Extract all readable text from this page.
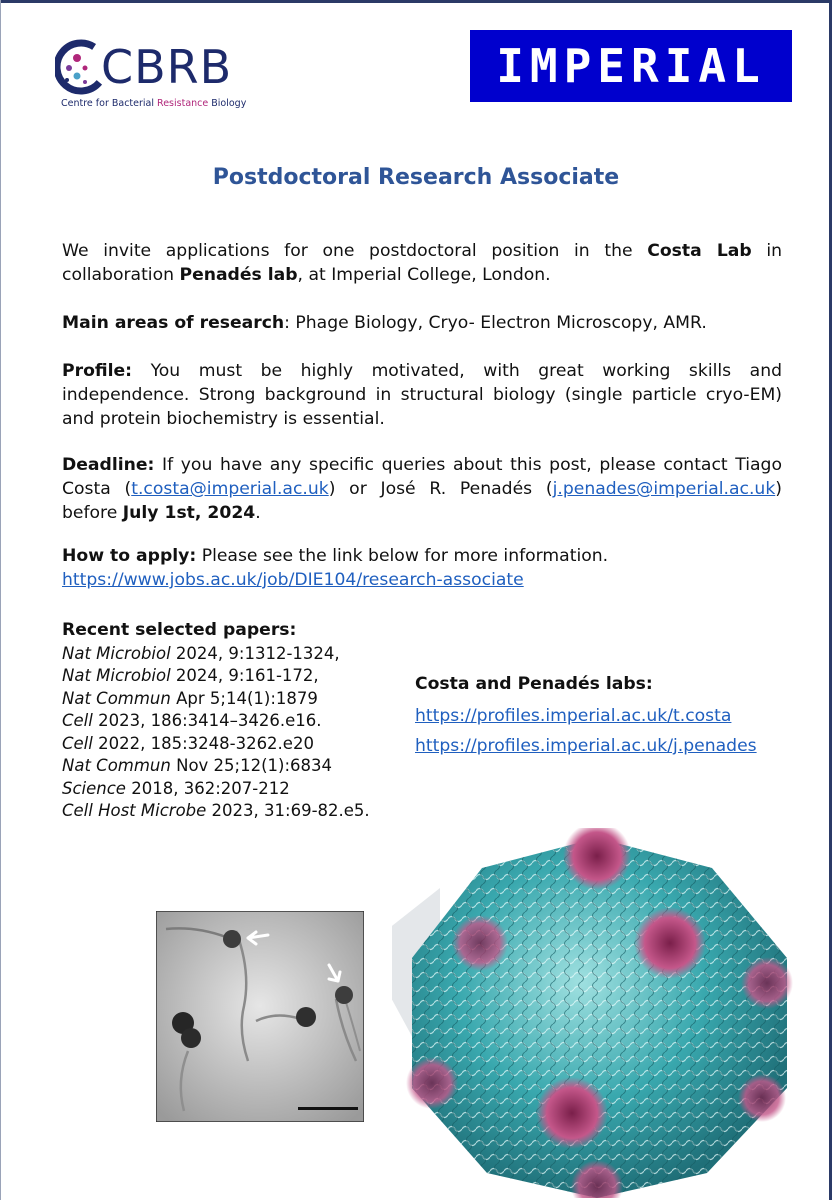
CBRB
Centre for Bacterial Resistance Biology
IMPERIAL
Postdoctoral Research Associate
We invite applications for one postdoctoral position in the Costa Lab in collaboration Penadés lab, at Imperial College, London.
Main areas of research: Phage Biology, Cryo- Electron Microscopy, AMR.
Profile: You must be highly motivated, with great working skills and independence. Strong background in structural biology (single particle cryo-EM) and protein biochemistry is essential.
Deadline: If you have any specific queries about this post, please contact Tiago Costa (t.costa@imperial.ac.uk) or José R. Penadés (j.penades@imperial.ac.uk) before July 1st, 2024.
How to apply: Please see the link below for more information.
https://www.jobs.ac.uk/job/DIE104/research-associate
Recent selected papers:
Nat Microbiol 2024, 9:1312-1324,
Nat Microbiol 2024, 9:161-172,
Nat Commun Apr 5;14(1):1879
Cell 2023, 186:3414–3426.e16.
Cell 2022, 185:3248-3262.e20
Nat Commun Nov 25;12(1):6834
Science 2018, 362:207-212
Cell Host Microbe 2023, 31:69-82.e5.
Costa and Penadés labs:
https://profiles.imperial.ac.uk/t.costa
https://profiles.imperial.ac.uk/j.penades
